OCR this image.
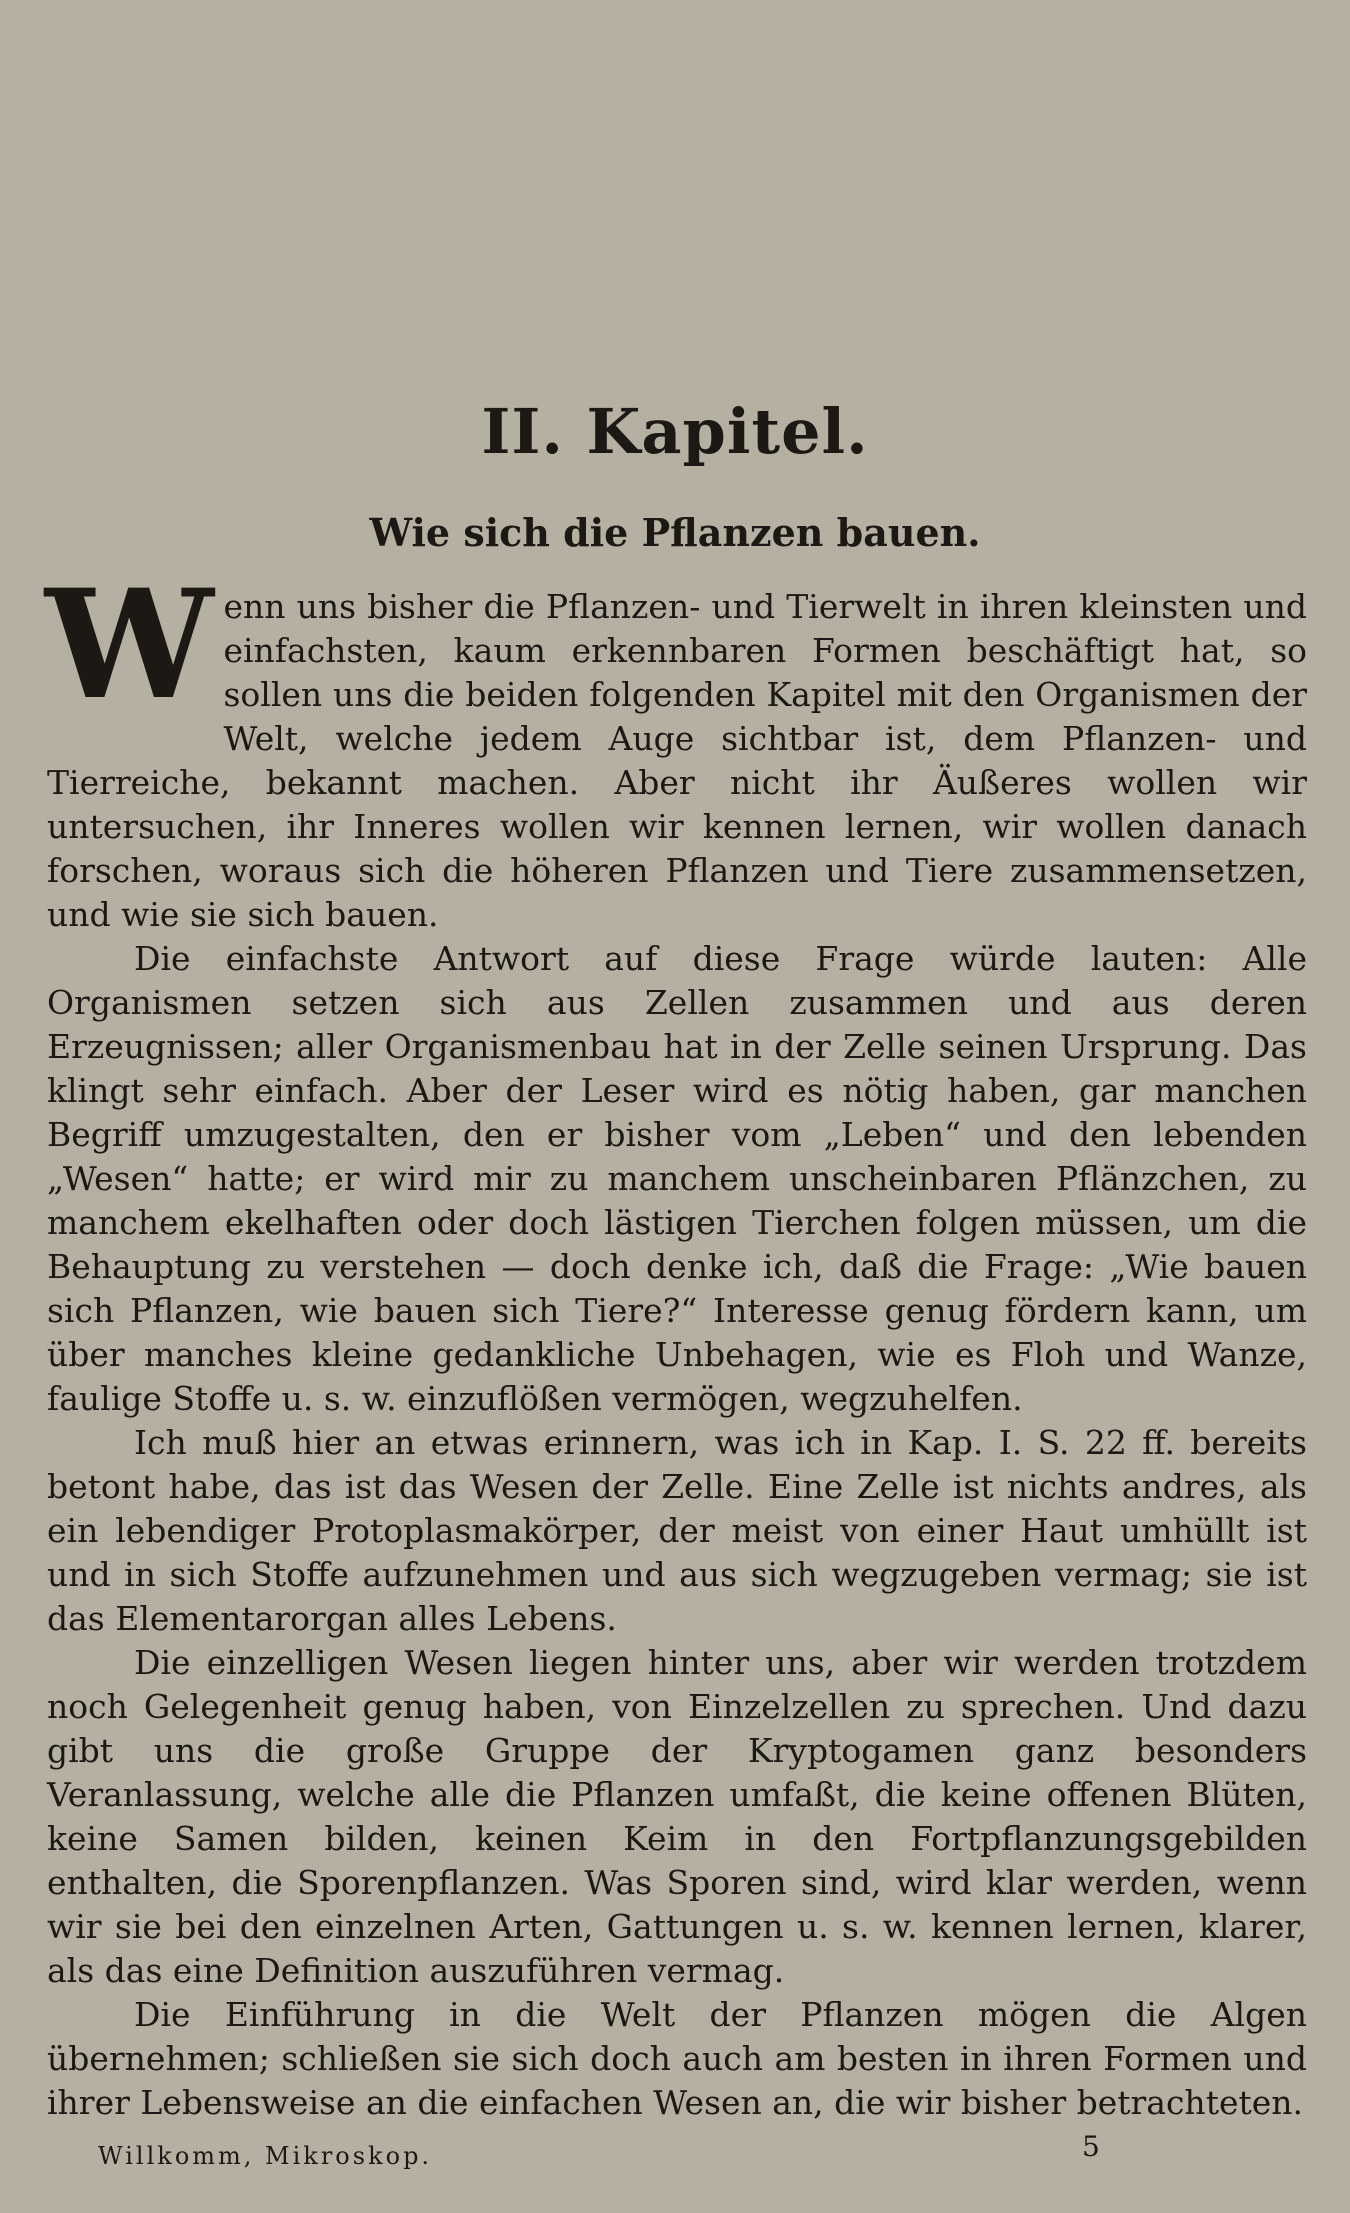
II. Kapitel.
Wie sich die Pflanzen bauen.

Wenn uns bisher die Pflanzen- und Tierwelt in ihren kleinsten und einfachsten, kaum erkennbaren Formen beschäftigt hat, so sollen uns die beiden folgenden Kapitel mit den Organismen der Welt, welche jedem Auge sichtbar ist, dem Pflanzen- und Tierreiche, bekannt machen. Aber nicht ihr Äußeres wollen wir untersuchen, ihr Inneres wollen wir kennen lernen, wir wollen danach forschen, woraus sich die höheren Pflanzen und Tiere zusammensetzen, und wie sie sich bauen.

Die einfachste Antwort auf diese Frage würde lauten: Alle Organismen setzen sich aus Zellen zusammen und aus deren Erzeugnissen; aller Organismenbau hat in der Zelle seinen Ursprung. Das klingt sehr einfach. Aber der Leser wird es nötig haben, gar manchen Begriff umzugestalten, den er bisher vom „Leben“ und den lebenden „Wesen“ hatte; er wird mir zu manchem unscheinbaren Pflänzchen, zu manchem ekelhaften oder doch lästigen Tierchen folgen müssen, um die Behauptung zu verstehen — doch denke ich, daß die Frage: „Wie bauen sich Pflanzen, wie bauen sich Tiere?“ Interesse genug fördern kann, um über manches kleine gedankliche Unbehagen, wie es Floh und Wanze, faulige Stoffe u. s. w. einzuflößen vermögen, wegzuhelfen.

Ich muß hier an etwas erinnern, was ich in Kap. I. S. 22 ff. bereits betont habe, das ist das Wesen der Zelle. Eine Zelle ist nichts andres, als ein lebendiger Protoplasmakörper, der meist von einer Haut umhüllt ist und in sich Stoffe aufzunehmen und aus sich wegzugeben vermag; sie ist das Elementarorgan alles Lebens.

Die einzelligen Wesen liegen hinter uns, aber wir werden trotzdem noch Gelegenheit genug haben, von Einzelzellen zu sprechen. Und dazu gibt uns die große Gruppe der Kryptogamen ganz besonders Veranlassung, welche alle die Pflanzen umfaßt, die keine offenen Blüten, keine Samen bilden, keinen Keim in den Fortpflanzungsgebilden enthalten, die Sporenpflanzen. Was Sporen sind, wird klar werden, wenn wir sie bei den einzelnen Arten, Gattungen u. s. w. kennen lernen, klarer, als das eine Definition auszuführen vermag.

Die Einführung in die Welt der Pflanzen mögen die Algen übernehmen; schließen sie sich doch auch am besten in ihren Formen und ihrer Lebensweise an die einfachen Wesen an, die wir bisher betrachteten.

Willkomm, Mikroskop.	5
